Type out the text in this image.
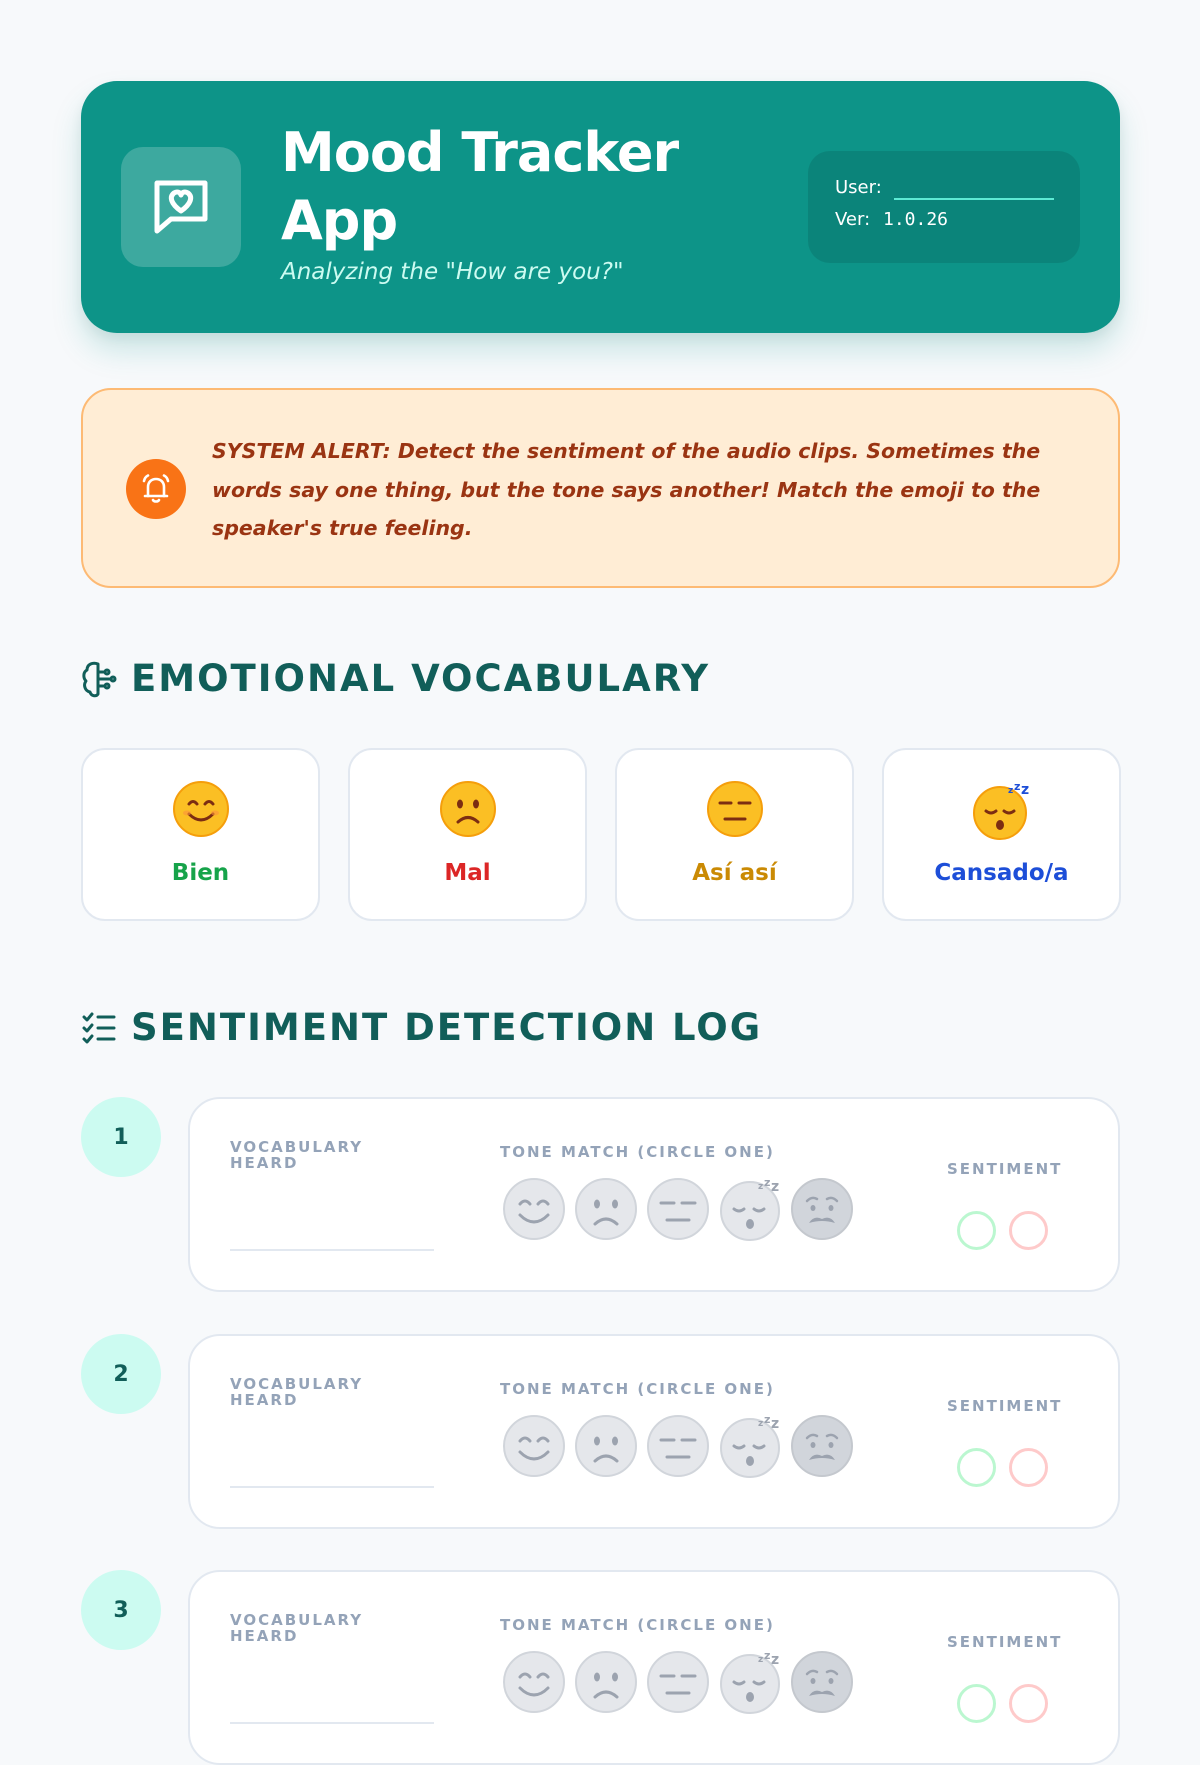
Mood Tracker App
Analyzing the "How are you?"
User:
Ver: 1.0.26
SYSTEM ALERT: Detect the sentiment of the audio clips. Sometimes the words say one thing, but the tone says another! Match the emoji to the speaker's true feeling.
EMOTIONAL VOCABULARY
Bien	Mal	Así así
z z z
Cansado/a
SENTIMENT DETECTION LOG
1	VOCABULARY HEARD
TONE MATCH (CIRCLE ONE)
z z z
SENTIMENT
2	VOCABULARY HEARD
TONE MATCH (CIRCLE ONE)
z z z
SENTIMENT
3	VOCABULARY HEARD
TONE MATCH (CIRCLE ONE)
z z z
SENTIMENT
